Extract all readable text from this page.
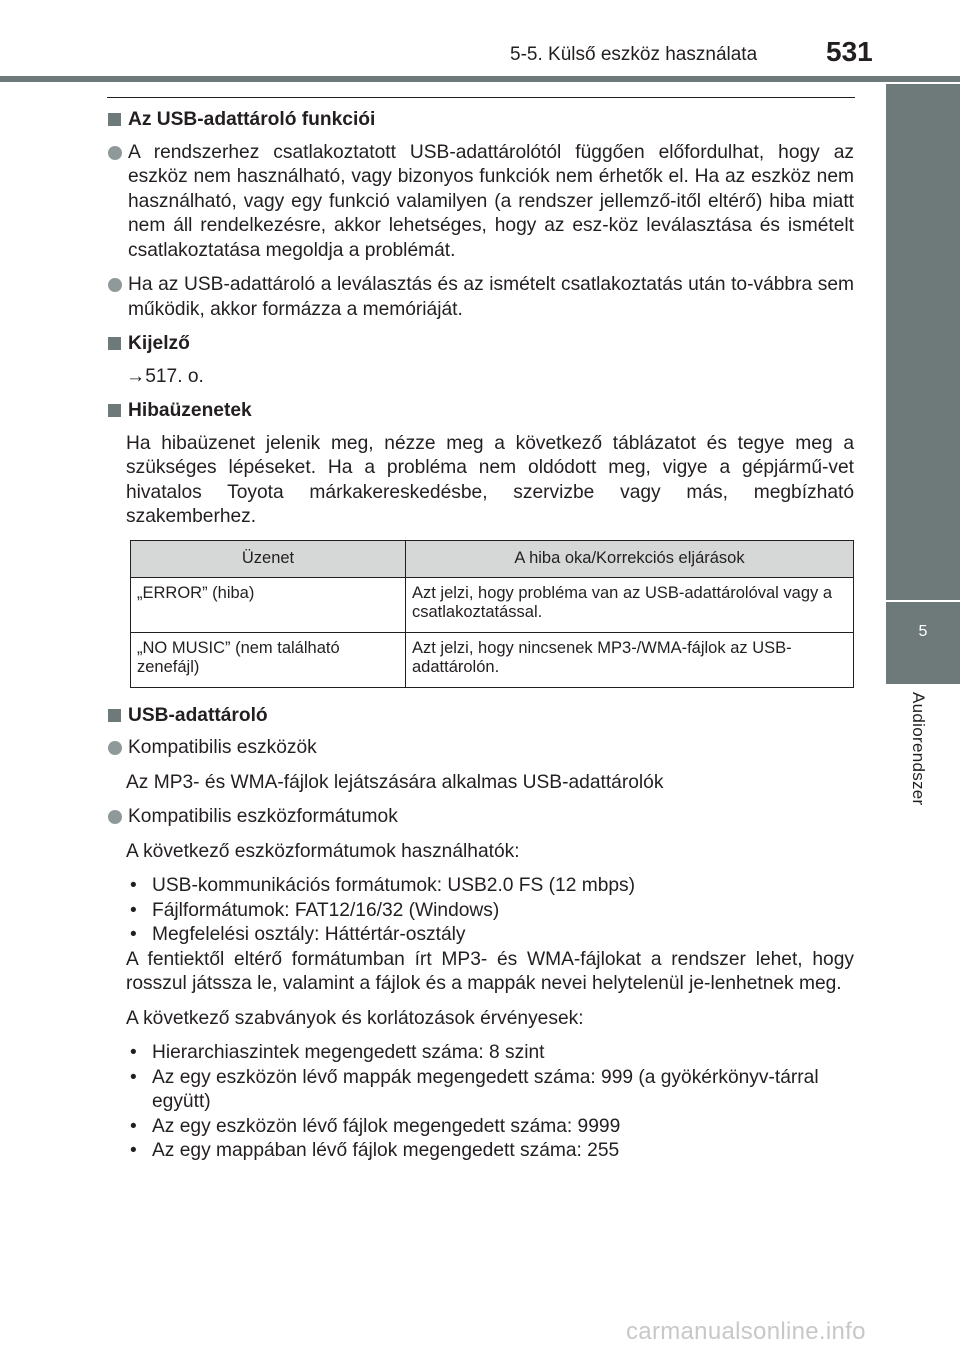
5-5. Külső eszköz használata 531
5
Audiorendszer
Az USB-adattároló funkciói
A rendszerhez csatlakoztatott USB-adattárolótól függően előfordulhat, hogy az eszköz nem használható, vagy bizonyos funkciók nem érhetők el. Ha az eszköz nem használható, vagy egy funkció valamilyen (a rendszer jellemző-itől eltérő) hiba miatt nem áll rendelkezésre, akkor lehetséges, hogy az esz-köz leválasztása és ismételt csatlakoztatása megoldja a problémát.
Ha az USB-adattároló a leválasztás és az ismételt csatlakoztatás után to-vábbra sem működik, akkor formázza a memóriáját.
Kijelző
→517. o.
Hibaüzenetek
Ha hibaüzenet jelenik meg, nézze meg a következő táblázatot és tegye meg a szükséges lépéseket. Ha a probléma nem oldódott meg, vigye a gépjármű-vet hivatalos Toyota márkakereskedésbe, szervizbe vagy más, megbízható szakemberhez.
Üzenet	A hiba oka/Korrekciós eljárások
„ERROR” (hiba)	Azt jelzi, hogy probléma van az USB-adattárolóval vagy a csatlakoztatással.
„NO MUSIC” (nem található zenefájl)	Azt jelzi, hogy nincsenek MP3-/WMA-fájlok az USB-adattárolón.
USB-adattároló
Kompatibilis eszközök
Az MP3- és WMA-fájlok lejátszására alkalmas USB-adattárolók
Kompatibilis eszközformátumok
A következő eszközformátumok használhatók:
• USB-kommunikációs formátumok: USB2.0 FS (12 mbps)
• Fájlformátumok: FAT12/16/32 (Windows)
• Megfelelési osztály: Háttértár-osztály
A fentiektől eltérő formátumban írt MP3- és WMA-fájlokat a rendszer lehet, hogy rosszul játssza le, valamint a fájlok és a mappák nevei helytelenül je-lenhetnek meg.
A következő szabványok és korlátozások érvényesek:
• Hierarchiaszintek megengedett száma: 8 szint
• Az egy eszközön lévő mappák megengedett száma: 999 (a gyökérkönyv-tárral együtt)
• Az egy eszközön lévő fájlok megengedett száma: 9999
• Az egy mappában lévő fájlok megengedett száma: 255
carmanualsonline.info
